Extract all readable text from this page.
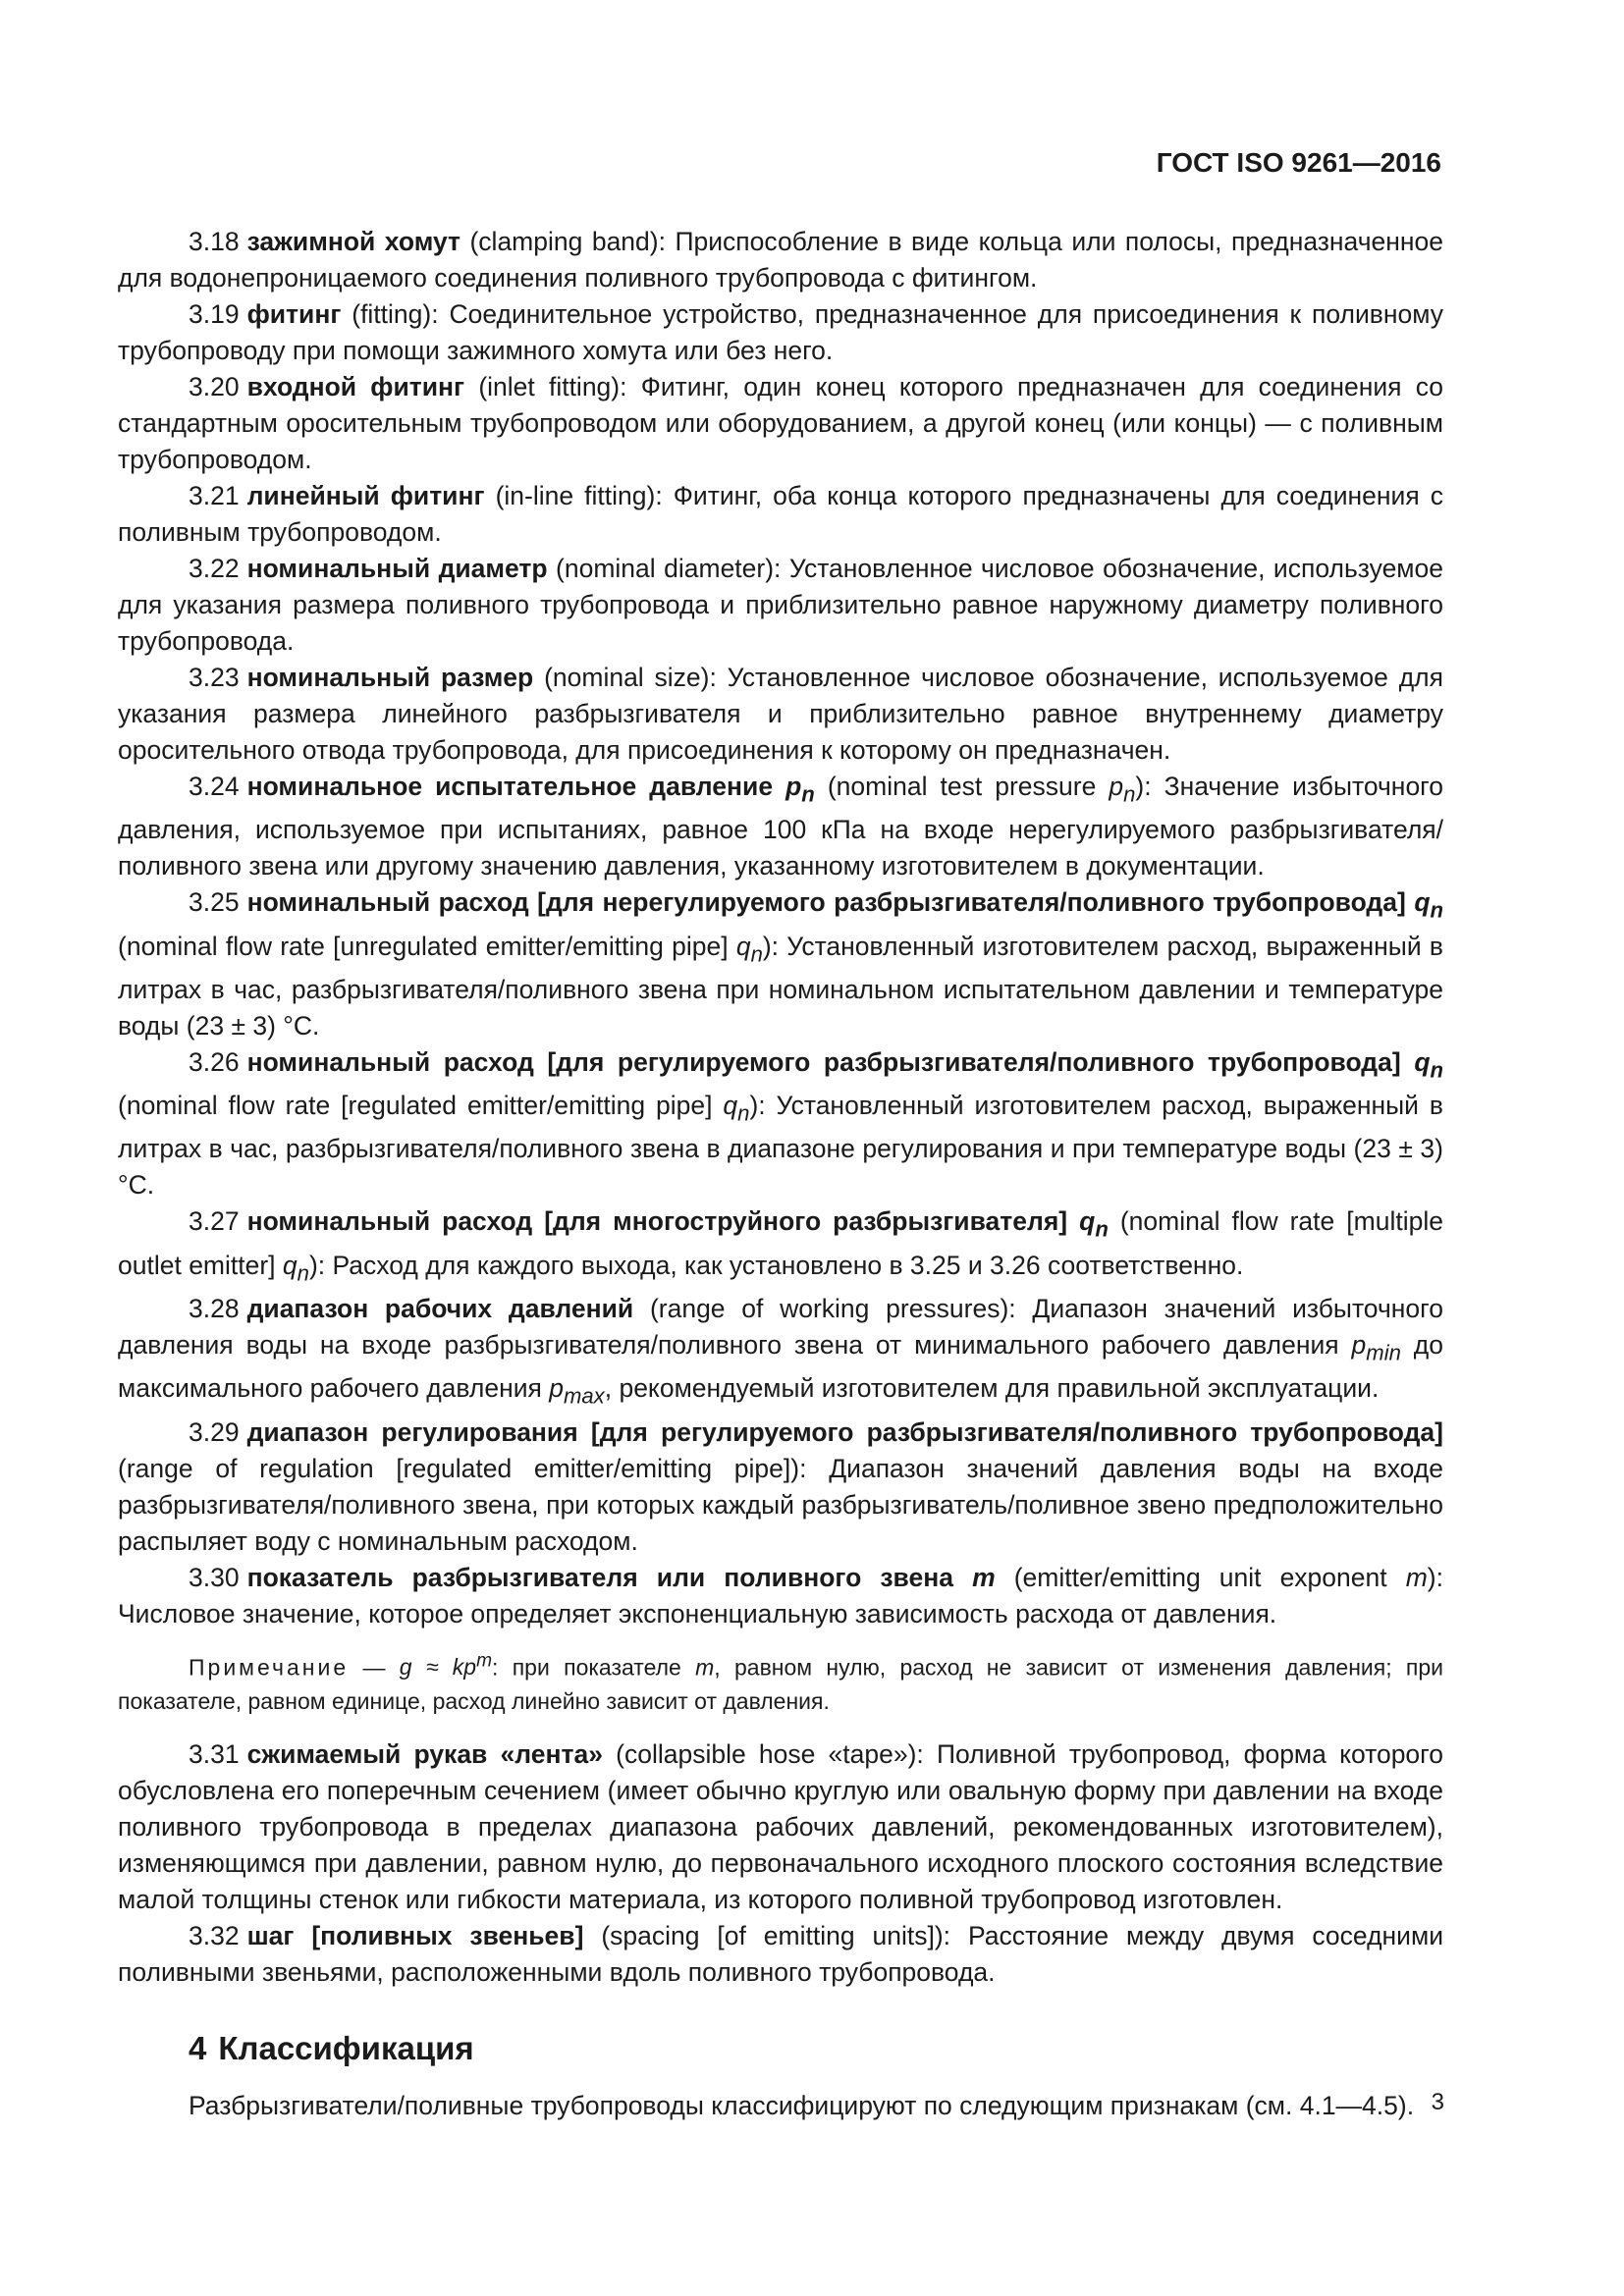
ГОСТ ISO 9261—2016

3.18 зажимной хомут (clamping band): Приспособление в виде кольца или полосы, предназначенное для водонепроницаемого соединения поливного трубопровода с фитингом.

3.19 фитинг (fitting): Соединительное устройство, предназначенное для присоединения к поливному трубопроводу при помощи зажимного хомута или без него.

3.20 входной фитинг (inlet fitting): Фитинг, один конец которого предназначен для соединения со стандартным оросительным трубопроводом или оборудованием, а другой конец (или концы) — с поливным трубопроводом.

3.21 линейный фитинг (in-line fitting): Фитинг, оба конца которого предназначены для соединения с поливным трубопроводом.

3.22 номинальный диаметр (nominal diameter): Установленное числовое обозначение, используемое для указания размера поливного трубопровода и приблизительно равное наружному диаметру поливного трубопровода.

3.23 номинальный размер (nominal size): Установленное числовое обозначение, используемое для указания размера линейного разбрызгивателя и приблизительно равное внутреннему диаметру оросительного отвода трубопровода, для присоединения к которому он предназначен.

3.24 номинальное испытательное давление $p_n$ (nominal test pressure $p_n$): Значение избыточного давления, используемое при испытаниях, равное 100 кПа на входе нерегулируемого разбрызгивателя/поливного звена или другому значению давления, указанному изготовителем в документации.

3.25 номинальный расход [для нерегулируемого разбрызгивателя/поливного трубопровода] $q_n$ (nominal flow rate [unregulated emitter/emitting pipe] $q_n$): Установленный изготовителем расход, выраженный в литрах в час, разбрызгивателя/поливного звена при номинальном испытательном давлении и температуре воды (23 ± 3) °С.

3.26 номинальный расход [для регулируемого разбрызгивателя/поливного трубопровода] $q_n$ (nominal flow rate [regulated emitter/emitting pipe] $q_n$): Установленный изготовителем расход, выраженный в литрах в час, разбрызгивателя/поливного звена в диапазоне регулирования и при температуре воды (23 ± 3) °С.

3.27 номинальный расход [для многоструйного разбрызгивателя] $q_n$ (nominal flow rate [multiple outlet emitter] $q_n$): Расход для каждого выхода, как установлено в 3.25 и 3.26 соответственно.

3.28 диапазон рабочих давлений (range of working pressures): Диапазон значений избыточного давления воды на входе разбрызгивателя/поливного звена от минимального рабочего давления $p_{min}$ до максимального рабочего давления $p_{max}$, рекомендуемый изготовителем для правильной эксплуатации.

3.29 диапазон регулирования [для регулируемого разбрызгивателя/поливного трубопровода] (range of regulation [regulated emitter/emitting pipe]): Диапазон значений давления воды на входе разбрызгивателя/поливного звена, при которых каждый разбрызгиватель/поливное звено предположительно распыляет воду с номинальным расходом.

3.30 показатель разбрызгивателя или поливного звена m (emitter/emitting unit exponent m): Числовое значение, которое определяет экспоненциальную зависимость расхода от давления.

Примечание — $g \approx kp^m$: при показателе m, равном нулю, расход не зависит от изменения давления; при показателе, равном единице, расход линейно зависит от давления.

3.31 сжимаемый рукав «лента» (collapsible hose «tape»): Поливной трубопровод, форма которого обусловлена его поперечным сечением (имеет обычно круглую или овальную форму при давлении на входе поливного трубопровода в пределах диапазона рабочих давлений, рекомендованных изготовителем), изменяющимся при давлении, равном нулю, до первоначального исходного плоского состояния вследствие малой толщины стенок или гибкости материала, из которого поливной трубопровод изготовлен.

3.32 шаг [поливных звеньев] (spacing [of emitting units]): Расстояние между двумя соседними поливными звеньями, расположенными вдоль поливного трубопровода.

4 Классификация

Разбрызгиватели/поливные трубопроводы классифицируют по следующим признакам (см. 4.1—4.5). 3
